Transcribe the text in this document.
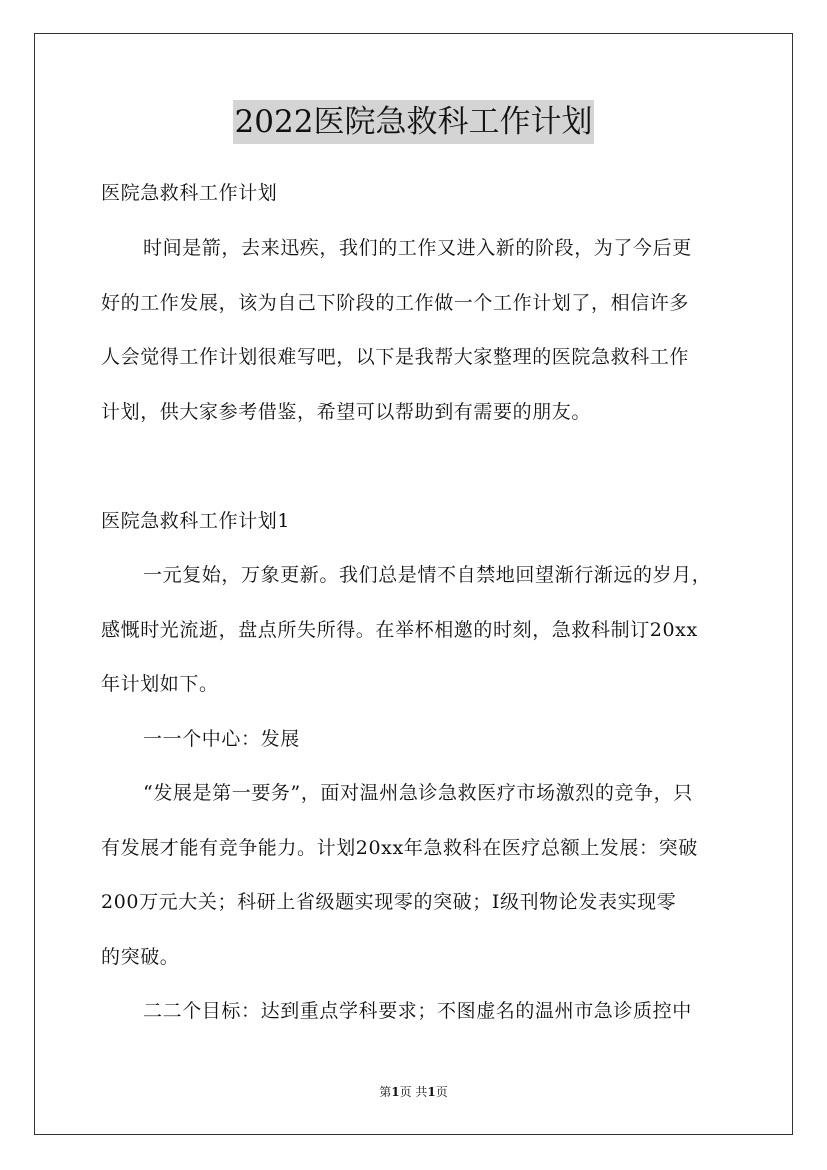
2022医院急救科工作计划
医院急救科工作计划
时间是箭，去来迅疾，我们的工作又进入新的阶段，为了今后更
好的工作发展，该为自己下阶段的工作做一个工作计划了，相信许多
人会觉得工作计划很难写吧，以下是我帮大家整理的医院急救科工作
计划，供大家参考借鉴，希望可以帮助到有需要的朋友。
医院急救科工作计划1
一元复始，万象更新。我们总是情不自禁地回望渐行渐远的岁月，
感慨时光流逝，盘点所失所得。在举杯相邀的时刻，急救科制订20xx
年计划如下。
一一个中心：发展
“发展是第一要务”，面对温州急诊急救医疗市场激烈的竞争，只
有发展才能有竞争能力。计划20xx年急救科在医疗总额上发展：突破
200万元大关；科研上省级题实现零的突破；Ⅰ级刊物论发表实现零
的突破。
二二个目标：达到重点学科要求；不图虚名的温州市急诊质控中
第1页 共1页
